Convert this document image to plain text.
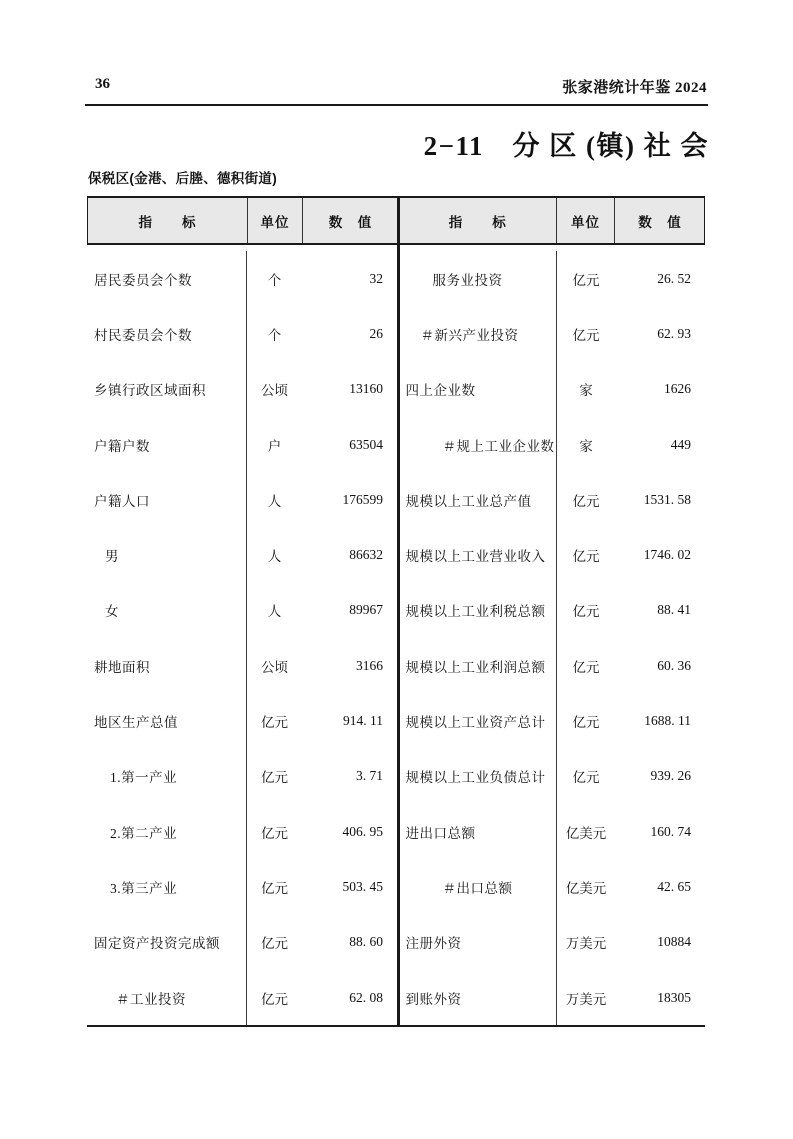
36	张家港统计年鉴 2024
2−11　分 区 (镇) 社 会
保税区(金港、后塍、德积街道)
指　　标	单位	数　值
居民委员会个数	个	32
村民委员会个数	个	26
乡镇行政区域面积	公顷	13160
户籍户数	户	63504
户籍人口	人	176599
男	人	86632
女	人	89967
耕地面积	公顷	3166
地区生产总值	亿元	914. 11
1.第一产业	亿元	3. 71
2.第二产业	亿元	406. 95
3.第三产业	亿元	503. 45
固定资产投资完成额	亿元	88. 60
＃工业投资	亿元	62. 08
指　　标	单位	数　值
服务业投资	亿元	26. 52
＃新兴产业投资	亿元	62. 93
四上企业数	家	1626
＃规上工业企业数	家	449
规模以上工业总产值	亿元	1531. 58
规模以上工业营业收入	亿元	1746. 02
规模以上工业利税总额	亿元	88. 41
规模以上工业利润总额	亿元	60. 36
规模以上工业资产总计	亿元	1688. 11
规模以上工业负债总计	亿元	939. 26
进出口总额	亿美元	160. 74
＃出口总额	亿美元	42. 65
注册外资	万美元	10884
到账外资	万美元	18305
